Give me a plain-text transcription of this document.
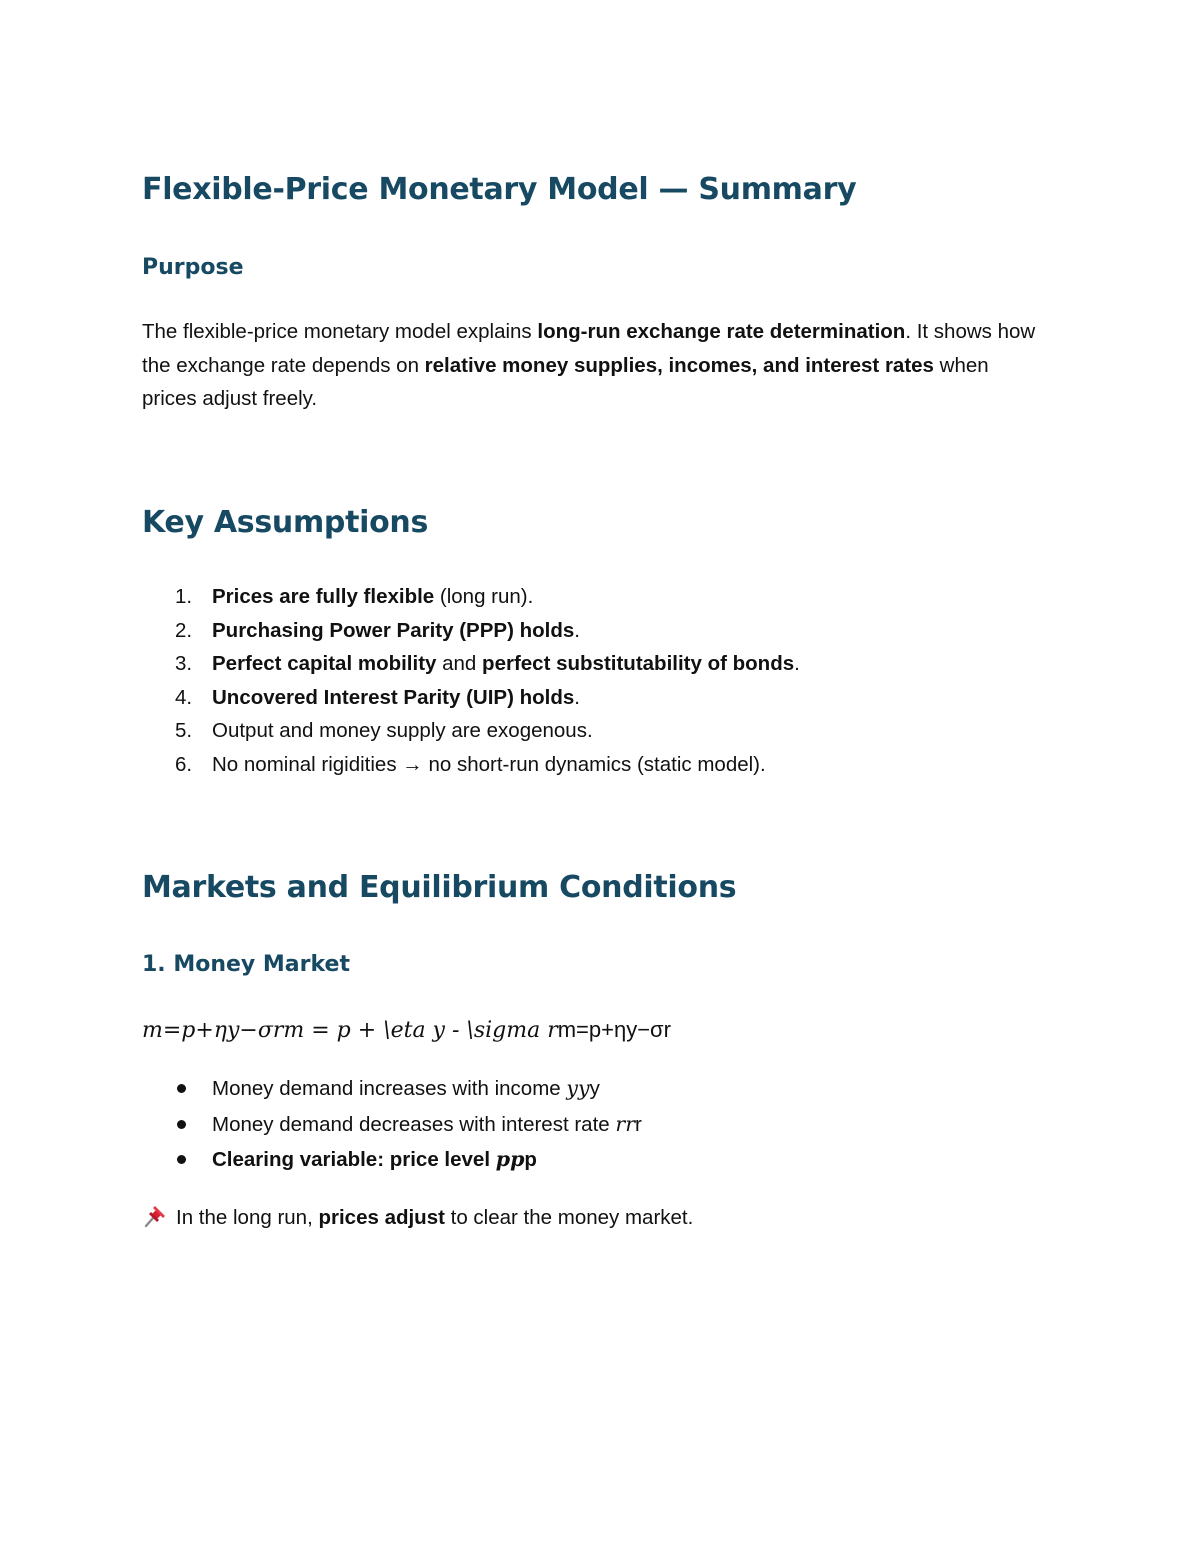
Flexible-Price Monetary Model — Summary
Purpose

The flexible-price monetary model explains long-run exchange rate determination. It shows how the exchange rate depends on relative money supplies, incomes, and interest rates when prices adjust freely.

Key Assumptions
1. Prices are fully flexible (long run).
2. Purchasing Power Parity (PPP) holds.
3. Perfect capital mobility and perfect substitutability of bonds.
4. Uncovered Interest Parity (UIP) holds.
5. Output and money supply are exogenous.
6. No nominal rigidities → no short-run dynamics (static model).
Markets and Equilibrium Conditions
1. Money Market
m=p+ηy−σrm = p + \eta y - \sigma rm=p+ηy−σr
Money demand increases with income yyy
Money demand decreases with interest rate rrr
Clearing variable: price level ppp
In the long run, prices adjust to clear the money market.
